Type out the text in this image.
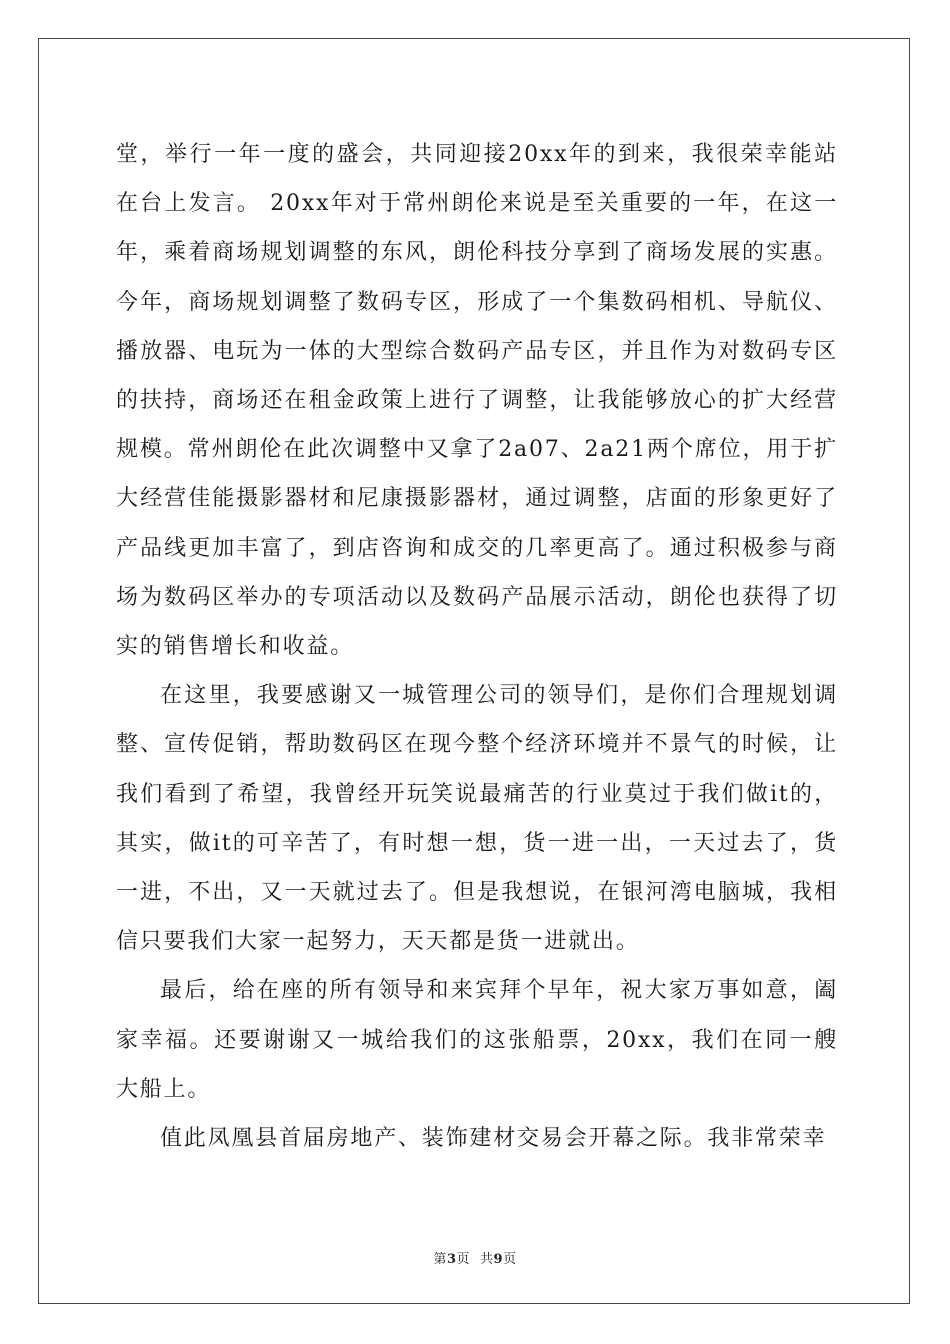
堂，举行一年一度的盛会，共同迎接20xx年的到来，我很荣幸能站在台上发言。 20xx年对于常州朗伦来说是至关重要的一年，在这一年，乘着商场规划调整的东风，朗伦科技分享到了商场发展的实惠。今年，商场规划调整了数码专区，形成了一个集数码相机、导航仪、播放器、电玩为一体的大型综合数码产品专区，并且作为对数码专区的扶持，商场还在租金政策上进行了调整，让我能够放心的扩大经营规模。常州朗伦在此次调整中又拿了2a07、2a21两个席位，用于扩大经营佳能摄影器材和尼康摄影器材，通过调整，店面的形象更好了产品线更加丰富了，到店咨询和成交的几率更高了。通过积极参与商场为数码区举办的专项活动以及数码产品展示活动，朗伦也获得了切实的销售增长和收益。

在这里，我要感谢又一城管理公司的领导们，是你们合理规划调整、宣传促销，帮助数码区在现今整个经济环境并不景气的时候，让我们看到了希望，我曾经开玩笑说最痛苦的行业莫过于我们做it的，其实，做it的可辛苦了，有时想一想，货一进一出，一天过去了，货一进，不出，又一天就过去了。但是我想说，在银河湾电脑城，我相信只要我们大家一起努力，天天都是货一进就出。

最后，给在座的所有领导和来宾拜个早年，祝大家万事如意，阖家幸福。还要谢谢又一城给我们的这张船票，20xx，我们在同一艘大船上。

值此凤凰县首届房地产、装饰建材交易会开幕之际。我非常荣幸

第3页 共9页
